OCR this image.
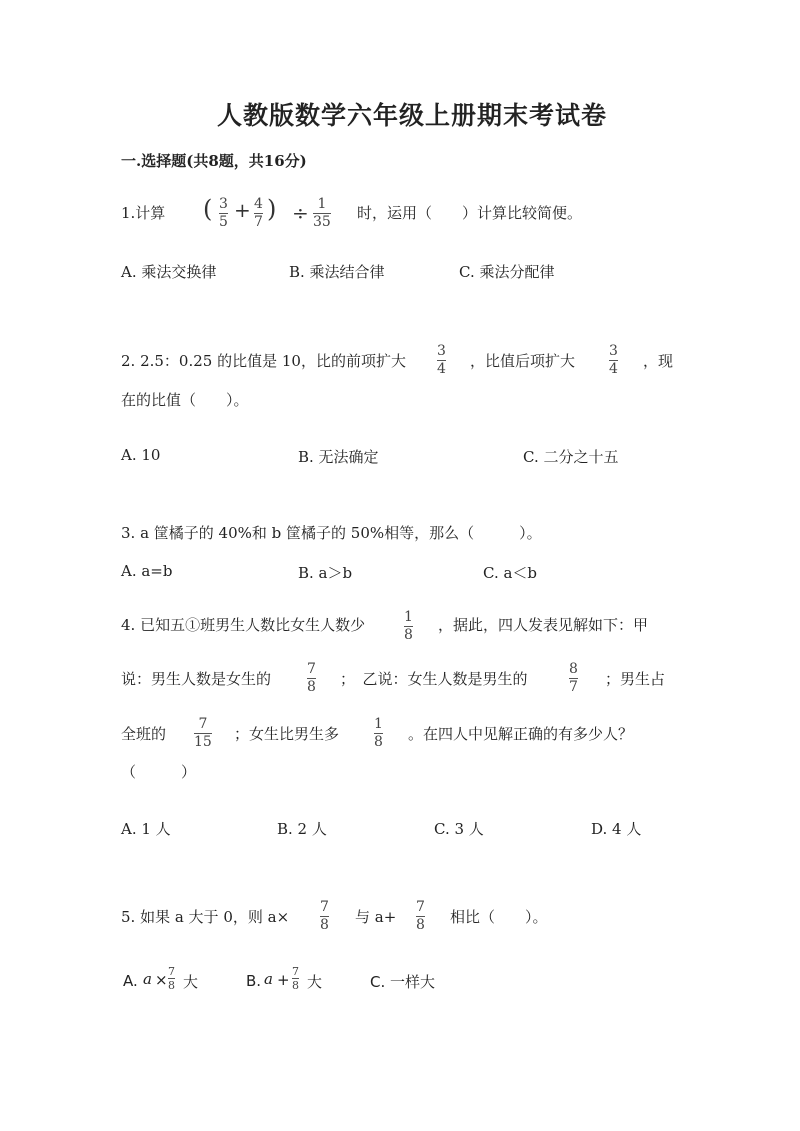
人教版数学六年级上册期末考试卷
一.选择题(共8题，共16分)
1.计算 ( 3
5 + 4
7 ) ÷ 1
35 时，运用（　　）计算比较简便。
A. 乘法交换律	B. 乘法结合律	C. 乘法分配律
2. 2.5：0.25 的比值是 10，比的前项扩大
3
4 ，比值后项扩大
3
4 ，现
在的比值（　　）。
A. 10	B. 无法确定	C. 二分之十五
3. a 筐橘子的 40%和 b 筐橘子的 50%相等，那么（　　　）。
A. a=b	B. a＞b	C. a＜b
4. 已知五①班男生人数比女生人数少	1
8
，据此，四人发表见解如下：甲
说：男生人数是女生的
7
8 ；　乙说：女生人数是男生的
8
7 ；男生占
全班的
7
15 ；女生比男生多
1
8 。在四人中见解正确的有多少人？
（　　　）
A. 1 人	B. 2 人	C. 3 人	D. 4 人
5. 如果 a 大于 0，则 a×
7
8 与 a+
7
8 相比（　　）。
A. a × 7
8 大	B. a + 7
8 大	C. 一样大
